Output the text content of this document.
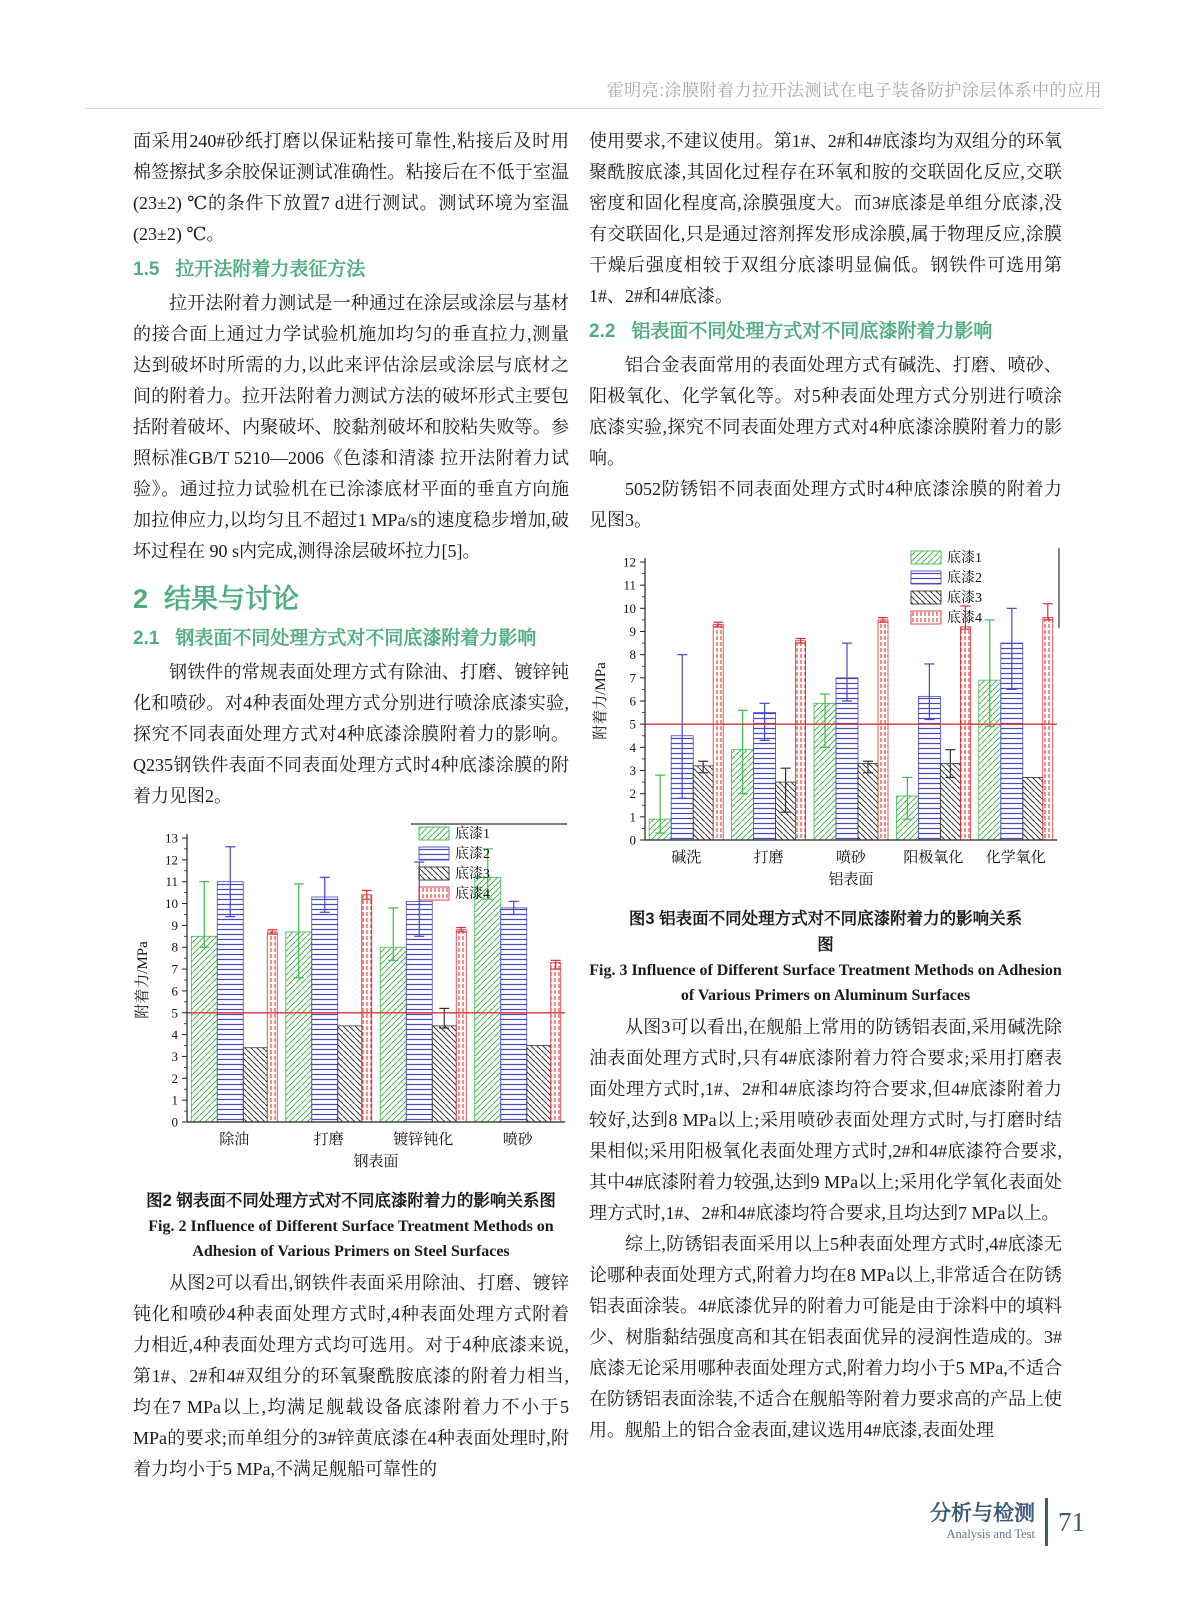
霍明亮:涂膜附着力拉开法测试在电子装备防护涂层体系中的应用

面采用240#砂纸打磨以保证粘接可靠性,粘接后及时用棉签擦拭多余胶保证测试准确性。粘接后在不低于室温(23±2) ℃的条件下放置7 d进行测试。测试环境为室温(23±2) ℃。

1.5 拉开法附着力表征方法

拉开法附着力测试是一种通过在涂层或涂层与基材的接合面上通过力学试验机施加均匀的垂直拉力,测量达到破坏时所需的力,以此来评估涂层或涂层与底材之间的附着力。拉开法附着力测试方法的破坏形式主要包括附着破坏、内聚破坏、胶黏剂破坏和胶粘失败等。参照标准GB/T 5210—2006《色漆和清漆 拉开法附着力试验》。通过拉力试验机在已涂漆底材平面的垂直方向施加拉伸应力,以均匀且不超过1 MPa/s的速度稳步增加,破坏过程在 90 s内完成,测得涂层破坏拉力[5]。

2 结果与讨论
2.1 钢表面不同处理方式对不同底漆附着力影响

钢铁件的常规表面处理方式有除油、打磨、镀锌钝化和喷砂。对4种表面处理方式分别进行喷涂底漆实验,探究不同表面处理方式对4种底漆涂膜附着力的影响。Q235钢铁件表面不同表面处理方式时4种底漆涂膜的附着力见图2。

0
1
2
3
4
5
6
7
8
9
10
11
12
13
除油	打磨	镀锌钝化	喷砂
钢表面
附着力/MPa
底漆1
底漆2
底漆3
底漆4
图2 钢表面不同处理方式对不同底漆附着力的影响关系图
Fig. 2 Influence of Different Surface Treatment Methods on Adhesion of Various Primers on Steel Surfaces

从图2可以看出,钢铁件表面采用除油、打磨、镀锌钝化和喷砂4种表面处理方式时,4种表面处理方式附着力相近,4种表面处理方式均可选用。对于4种底漆来说,第1#、2#和4#双组分的环氧聚酰胺底漆的附着力相当,均在7 MPa以上,均满足舰载设备底漆附着力不小于5 MPa的要求;而单组分的3#锌黄底漆在4种表面处理时,附着力均小于5 MPa,不满足舰船可靠性的

使用要求,不建议使用。第1#、2#和4#底漆均为双组分的环氧聚酰胺底漆,其固化过程存在环氧和胺的交联固化反应,交联密度和固化程度高,涂膜强度大。而3#底漆是单组分底漆,没有交联固化,只是通过溶剂挥发形成涂膜,属于物理反应,涂膜干燥后强度相较于双组分底漆明显偏低。钢铁件可选用第1#、2#和4#底漆。

2.2 铝表面不同处理方式对不同底漆附着力影响

铝合金表面常用的表面处理方式有碱洗、打磨、喷砂、阳极氧化、化学氧化等。对5种表面处理方式分别进行喷涂底漆实验,探究不同表面处理方式对4种底漆涂膜附着力的影响。

5052防锈铝不同表面处理方式时4种底漆涂膜的附着力见图3。

0
1
2
3
4
5
6
7
8
9
10
11
12
碱洗	打磨	喷砂 阳极氧化 化学氧化
铝表面
附着力/MPa
底漆1
底漆2
底漆3
底漆4
图3 铝表面不同处理方式对不同底漆附着力的影响关系图
Fig. 3 Influence of Different Surface Treatment Methods on Adhesion of Various Primers on Aluminum Surfaces

从图3可以看出,在舰船上常用的防锈铝表面,采用碱洗除油表面处理方式时,只有4#底漆附着力符合要求;采用打磨表面处理方式时,1#、2#和4#底漆均符合要求,但4#底漆附着力较好,达到8 MPa以上;采用喷砂表面处理方式时,与打磨时结果相似;采用阳极氧化表面处理方式时,2#和4#底漆符合要求,其中4#底漆附着力较强,达到9 MPa以上;采用化学氧化表面处理方式时,1#、2#和4#底漆均符合要求,且均达到7 MPa以上。

综上,防锈铝表面采用以上5种表面处理方式时,4#底漆无论哪种表面处理方式,附着力均在8 MPa以上,非常适合在防锈铝表面涂装。4#底漆优异的附着力可能是由于涂料中的填料少、树脂黏结强度高和其在铝表面优异的浸润性造成的。3#底漆无论采用哪种表面处理方式,附着力均小于5 MPa,不适合在防锈铝表面涂装,不适合在舰船等附着力要求高的产品上使用。舰船上的铝合金表面,建议选用4#底漆,表面处理

分析与检测
Analysis and Test 71
